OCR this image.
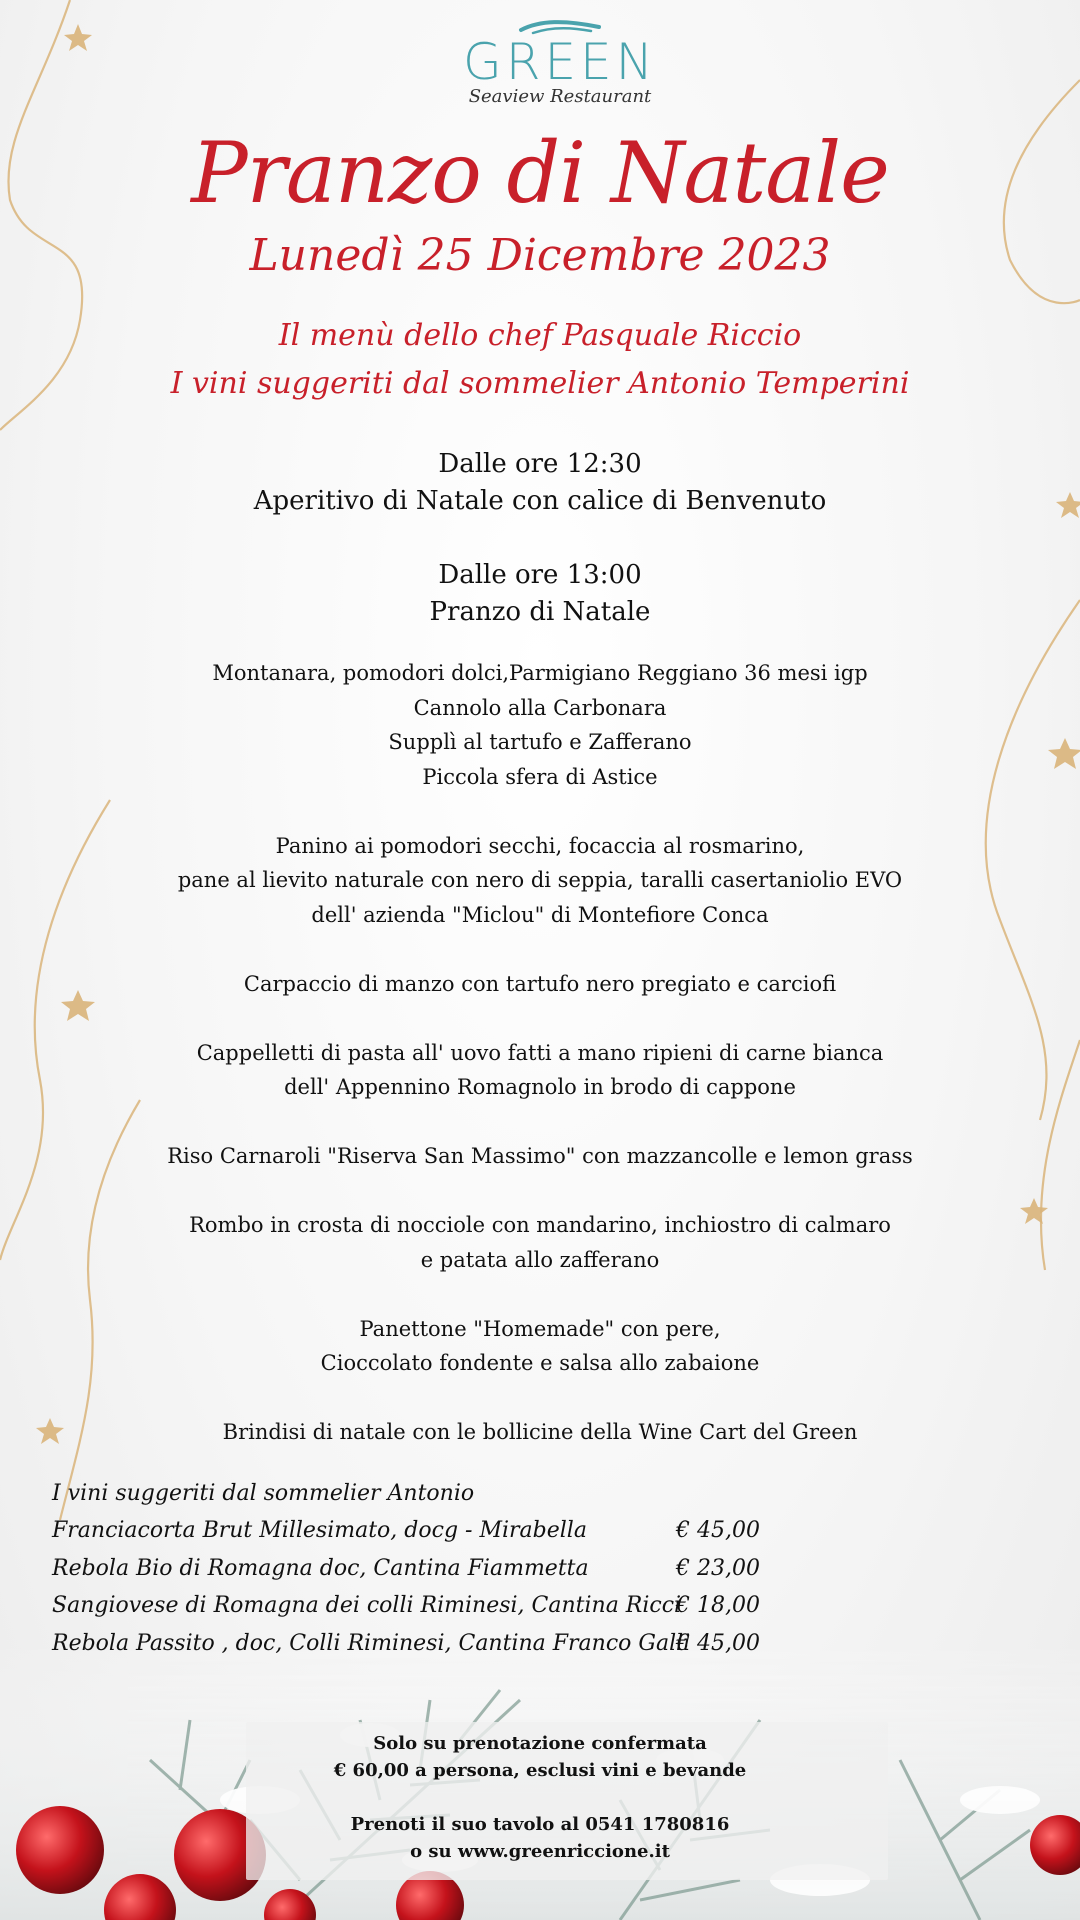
GREEN
Seaview Restaurant
Pranzo di Natale
Lunedì 25 Dicembre 2023
Il menù dello chef Pasquale Riccio
I vini suggeriti dal sommelier Antonio Temperini
Dalle ore 12:30
Aperitivo di Natale con calice di Benvenuto
Dalle ore 13:00
Pranzo di Natale

Montanara, pomodori dolci,Parmigiano Reggiano 36 mesi igp

Cannolo alla Carbonara

Supplì al tartufo e Zafferano

Piccola sfera di Astice

Panino ai pomodori secchi, focaccia al rosmarino,

pane al lievito naturale con nero di seppia, taralli casertaniolio EVO

dell' azienda "Miclou" di Montefiore Conca

Carpaccio di manzo con tartufo nero pregiato e carciofi

Cappelletti di pasta all' uovo fatti a mano ripieni di carne bianca

dell' Appennino Romagnolo in brodo di cappone

Riso Carnaroli "Riserva San Massimo" con mazzancolle e lemon grass

Rombo in crosta di nocciole con mandarino, inchiostro di calmaro

e patata allo zafferano

Panettone "Homemade" con pere,

Cioccolato fondente e salsa allo zabaione

Brindisi di natale con le bollicine della Wine Cart del Green

I vini suggeriti dal sommelier Antonio
Franciacorta Brut Millesimato, docg - Mirabella	€ 45,00
Rebola Bio di Romagna doc, Cantina Fiammetta	€ 23,00
Sangiovese di Romagna dei colli Riminesi, Cantina Ricci
€ 18,00
Rebola Passito , doc, Colli Riminesi, Cantina Franco Galli
€ 45,00

Solo su prenotazione confermata

€ 60,00 a persona, esclusi vini e bevande

Prenoti il suo tavolo al 0541 1780816

o su www.greenriccione.it
